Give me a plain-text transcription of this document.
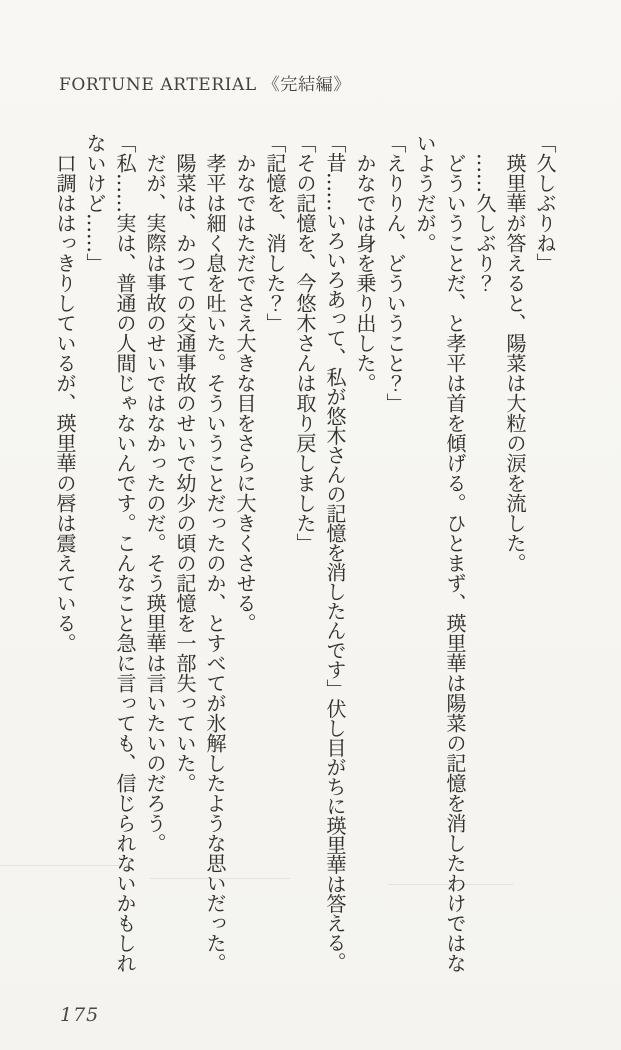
FORTUNE ARTERIAL 《完結編》

「久しぶりね」

　瑛里華が答えると、陽菜は大粒の涙を流した。

　……久しぶり？

　どういうことだ、と孝平は首を傾げる。ひとまず、瑛里華は陽菜の記憶を消したわけではないようだが。

「えりりん、どういうこと？」

　かなでは身を乗り出した。

「昔……いろいろあって、私が悠木さんの記憶を消したんです」伏し目がちに瑛里華は答える。

「その記憶を、今悠木さんは取り戻しました」

「記憶を、消した？」

　かなではただでさえ大きな目をさらに大きくさせる。

　孝平は細く息を吐いた。そういうことだったのか、とすべてが氷解したような思いだった。

　陽菜は、かつての交通事故のせいで幼少の頃の記憶を一部失っていた。

　だが、実際は事故のせいではなかったのだ。そう瑛里華は言いたいのだろう。

「私……実は、普通の人間じゃないんです。こんなこと急に言っても、信じられないかもしれないけど……」

　口調ははっきりしているが、瑛里華の唇は震えている。

175
